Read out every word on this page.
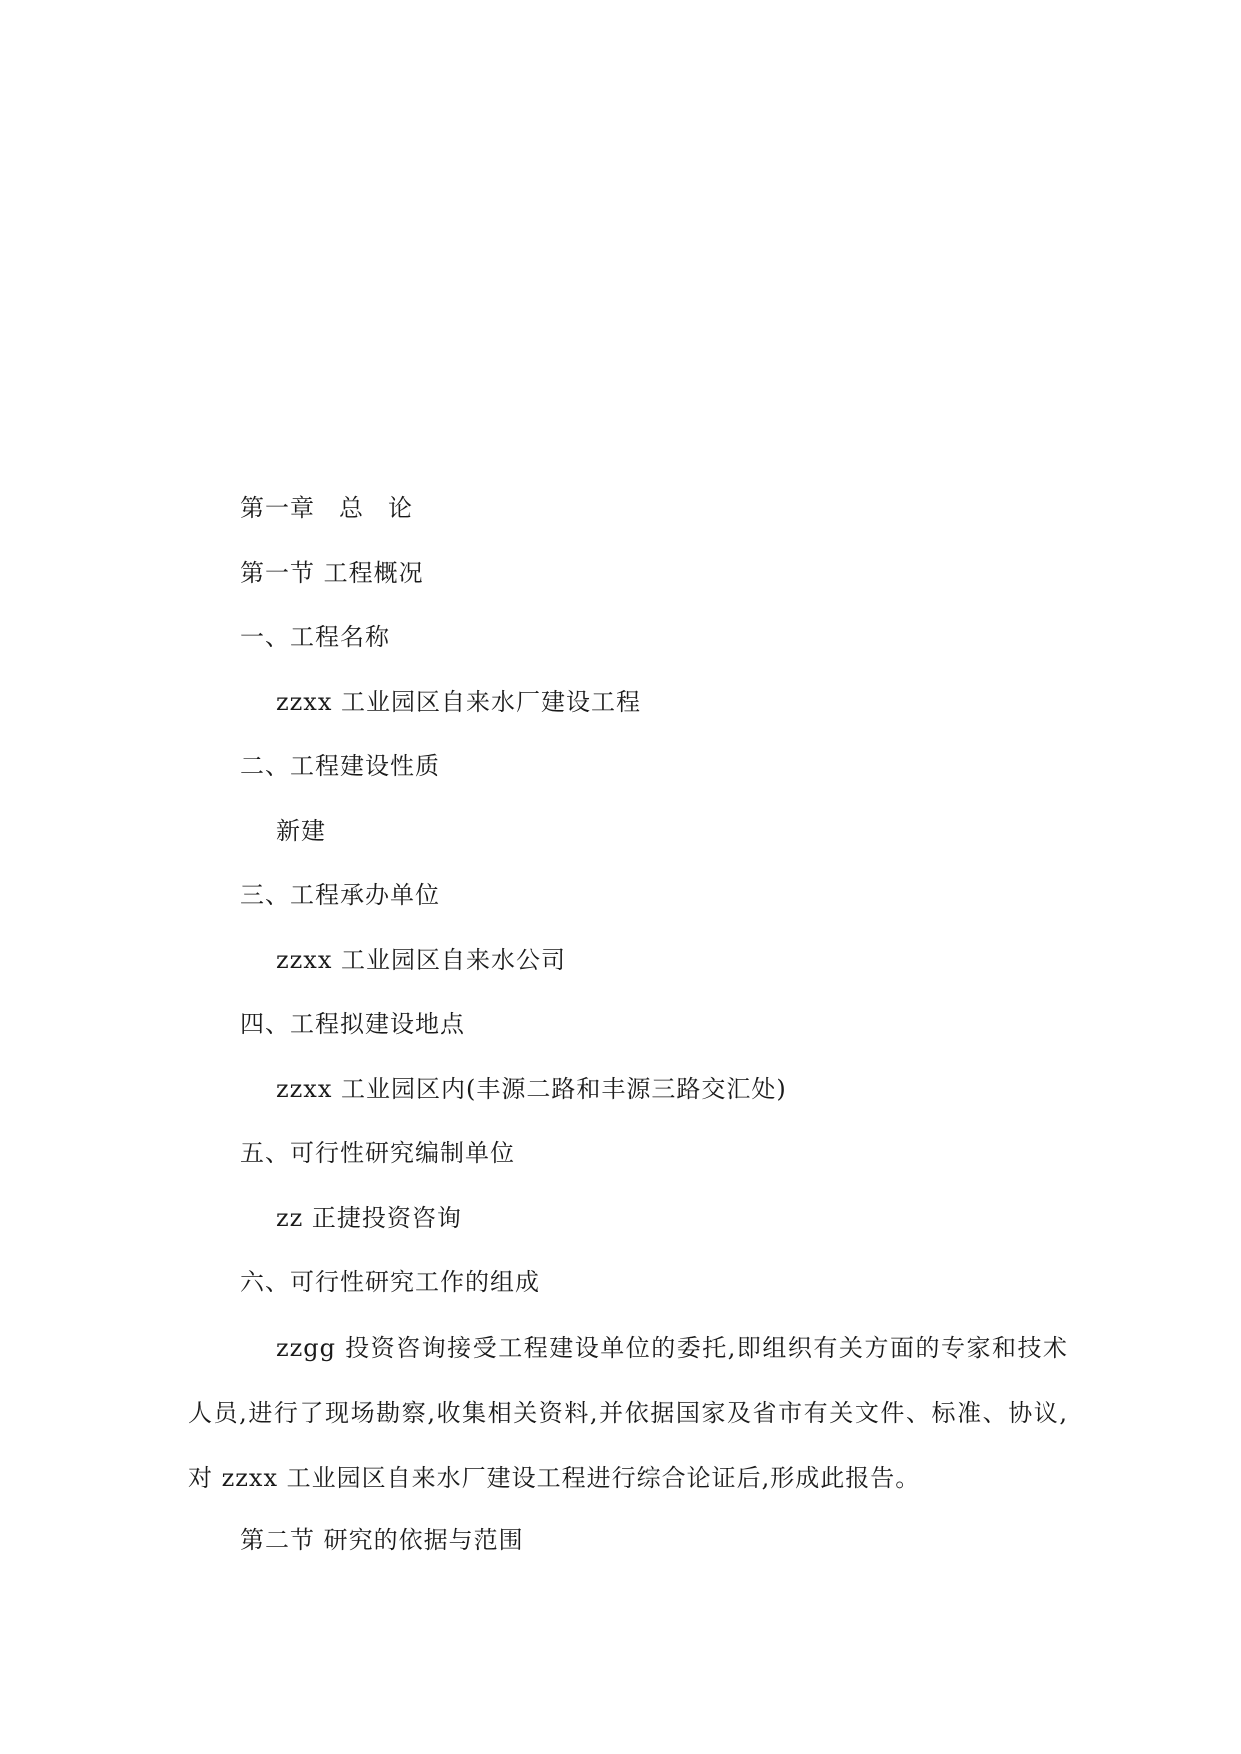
第一章 总 论
第一节 工程概况
一、工程名称
zzxx 工业园区自来水厂建设工程
二、工程建设性质
新建
三、工程承办单位
zzxx 工业园区自来水公司
四、工程拟建设地点
zzxx 工业园区内(丰源二路和丰源三路交汇处)
五、可行性研究编制单位
zz 正捷投资咨询
六、可行性研究工作的组成
zzgg 投资咨询接受工程建设单位的委托,即组织有关方面的专家和技术人员,进行了现场勘察,收集相关资料,并依据国家及省市有关文件、标准、协议,对 zzxx 工业园区自来水厂建设工程进行综合论证后,形成此报告。
第二节 研究的依据与范围
